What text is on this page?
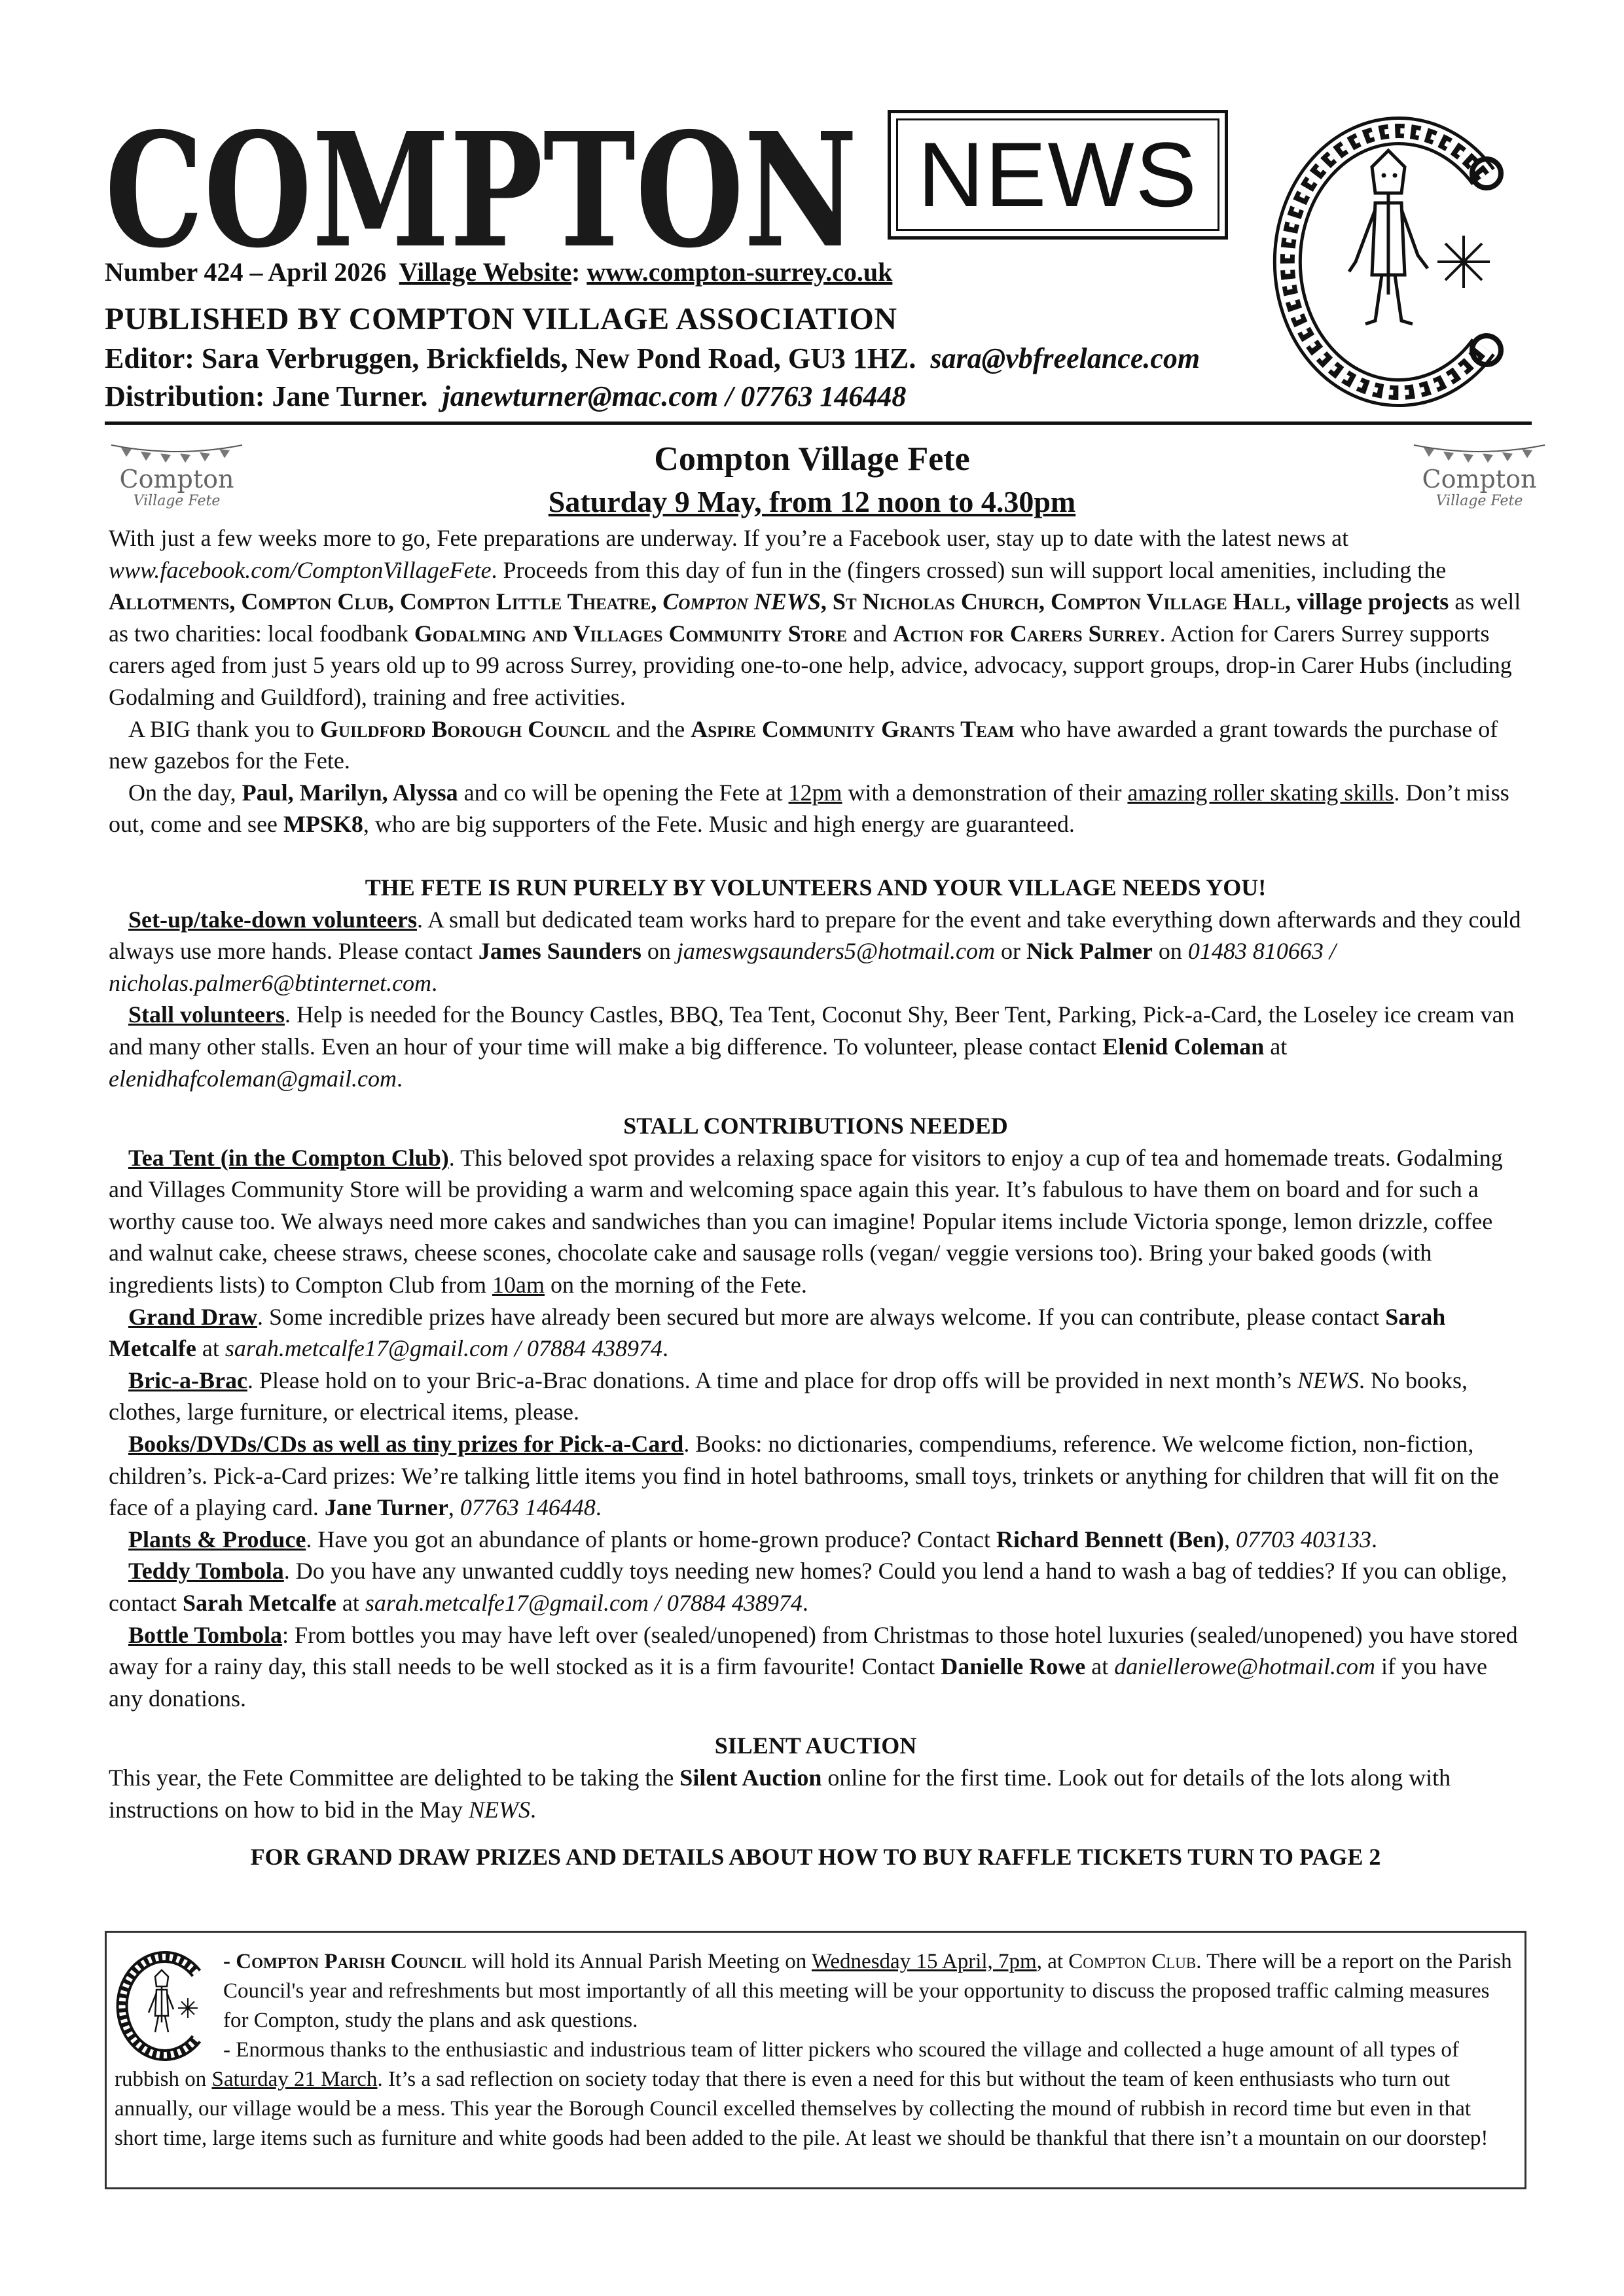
COMPTON NEWS
Number 424 – April 2026 Village Website: www.compton-surrey.co.uk
PUBLISHED BY COMPTON VILLAGE ASSOCIATION
Editor: Sara Verbruggen, Brickfields, New Pond Road, GU3 1HZ. sara@vbfreelance.com
Distribution: Jane Turner. janewturner@mac.com / 07763 146448
Compton
Village Fete
Compton
Village Fete
Compton Village Fete
Saturday 9 May, from 12 noon to 4.30pm

With just a few weeks more to go, Fete preparations are underway. If you’re a Facebook user, stay up to date with the latest news at www.facebook.com/ComptonVillageFete. Proceeds from this day of fun in the (fingers crossed) sun will support local amenities, including the Allotments, Compton Club, Compton Little Theatre, Compton NEWS, St Nicholas Church, Compton Village Hall, village projects as well as two charities: local foodbank Godalming and Villages Community Store and Action for Carers Surrey. Action for Carers Surrey supports carers aged from just 5 years old up to 99 across Surrey, providing one-to-one help, advice, advocacy, support groups, drop-in Carer Hubs (including Godalming and Guildford), training and free activities.

A BIG thank you to Guildford Borough Council and the Aspire Community Grants Team who have awarded a grant towards the purchase of new gazebos for the Fete.

On the day, Paul, Marilyn, Alyssa and co will be opening the Fete at 12pm with a demonstration of their amazing roller skating skills. Don’t miss out, come and see MPSK8, who are big supporters of the Fete. Music and high energy are guaranteed.

THE FETE IS RUN PURELY BY VOLUNTEERS AND YOUR VILLAGE NEEDS YOU!

Set-up/take-down volunteers. A small but dedicated team works hard to prepare for the event and take everything down afterwards and they could always use more hands. Please contact James Saunders on jameswgsaunders5@hotmail.com or Nick Palmer on 01483 810663 / nicholas.palmer6@btinternet.com.

Stall volunteers. Help is needed for the Bouncy Castles, BBQ, Tea Tent, Coconut Shy, Beer Tent, Parking, Pick-a-Card, the Loseley ice cream van and many other stalls. Even an hour of your time will make a big difference. To volunteer, please contact Elenid Coleman at elenidhafcoleman@gmail.com.

STALL CONTRIBUTIONS NEEDED

Tea Tent (in the Compton Club). This beloved spot provides a relaxing space for visitors to enjoy a cup of tea and homemade treats. Godalming and Villages Community Store will be providing a warm and welcoming space again this year. It’s fabulous to have them on board and for such a worthy cause too. We always need more cakes and sandwiches than you can imagine! Popular items include Victoria sponge, lemon drizzle, coffee and walnut cake, cheese straws, cheese scones, chocolate cake and sausage rolls (vegan/ veggie versions too). Bring your baked goods (with ingredients lists) to Compton Club from 10am on the morning of the Fete.

Grand Draw. Some incredible prizes have already been secured but more are always welcome. If you can contribute, please contact Sarah Metcalfe at sarah.metcalfe17@gmail.com / 07884 438974.

Bric-a-Brac. Please hold on to your Bric-a-Brac donations. A time and place for drop offs will be provided in next month’s NEWS. No books, clothes, large furniture, or electrical items, please.

Books/DVDs/CDs as well as tiny prizes for Pick-a-Card. Books: no dictionaries, compendiums, reference. We welcome fiction, non-fiction, children’s. Pick-a-Card prizes: We’re talking little items you find in hotel bathrooms, small toys, trinkets or anything for children that will fit on the face of a playing card. Jane Turner, 07763 146448.

Plants & Produce. Have you got an abundance of plants or home-grown produce? Contact Richard Bennett (Ben), 07703 403133.

Teddy Tombola. Do you have any unwanted cuddly toys needing new homes? Could you lend a hand to wash a bag of teddies? If you can oblige, contact Sarah Metcalfe at sarah.metcalfe17@gmail.com / 07884 438974.

Bottle Tombola: From bottles you may have left over (sealed/unopened) from Christmas to those hotel luxuries (sealed/unopened) you have stored away for a rainy day, this stall needs to be well stocked as it is a firm favourite! Contact Danielle Rowe at daniellerowe@hotmail.com if you have any donations.

SILENT AUCTION

This year, the Fete Committee are delighted to be taking the Silent Auction online for the first time. Look out for details of the lots along with instructions on how to bid in the May NEWS.

FOR GRAND DRAW PRIZES AND DETAILS ABOUT HOW TO BUY RAFFLE TICKETS TURN TO PAGE 2

- Compton Parish Council will hold its Annual Parish Meeting on Wednesday 15 April, 7pm, at Compton Club. There will be a report on the Parish Council's year and refreshments but most importantly of all this meeting will be your opportunity to discuss the proposed traffic calming measures for Compton, study the plans and ask questions.

- Enormous thanks to the enthusiastic and industrious team of litter pickers who scoured the village and collected a huge amount of all types of rubbish on Saturday 21 March. It’s a sad reflection on society today that there is even a need for this but without the team of keen enthusiasts who turn out annually, our village would be a mess. This year the Borough Council excelled themselves by collecting the mound of rubbish in record time but even in that short time, large items such as furniture and white goods had been added to the pile. At least we should be thankful that there isn’t a mountain on our doorstep!
